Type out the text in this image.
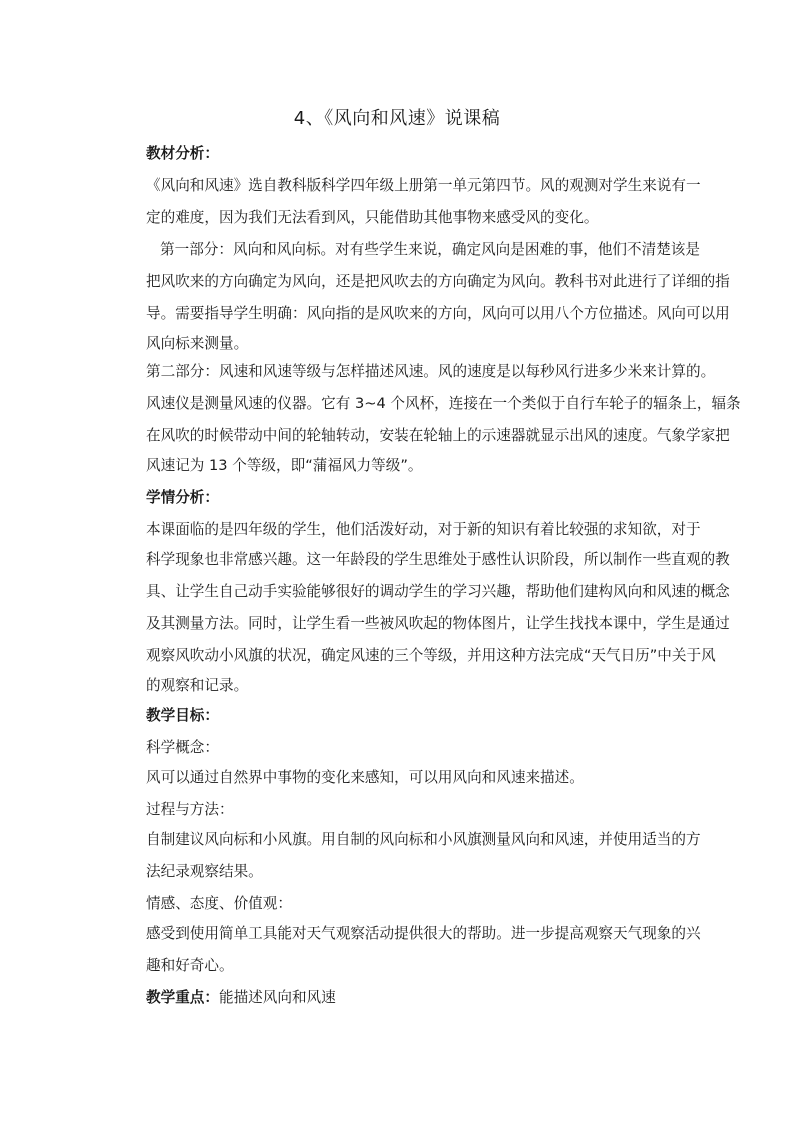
4、《风向和风速》说课稿
教材分析：
《风向和风速》选自教科版科学四年级上册第一单元第四节。风的观测对学生来说有一
定的难度，因为我们无法看到风，只能借助其他事物来感受风的变化。
第一部分：风向和风向标。对有些学生来说，确定风向是困难的事，他们不清楚该是
把风吹来的方向确定为风向，还是把风吹去的方向确定为风向。教科书对此进行了详细的指
导。需要指导学生明确：风向指的是风吹来的方向，风向可以用八个方位描述。风向可以用
风向标来测量。
第二部分：风速和风速等级与怎样描述风速。风的速度是以每秒风行进多少米来计算的。
风速仪是测量风速的仪器。它有 3~4 个风杯，连接在一个类似于自行车轮子的辐条上，辐条
在风吹的时候带动中间的轮轴转动，安装在轮轴上的示速器就显示出风的速度。气象学家把
风速记为 13 个等级，即“蒲福风力等级”。
学情分析：
本课面临的是四年级的学生，他们活泼好动，对于新的知识有着比较强的求知欲，对于
科学现象也非常感兴趣。这一年龄段的学生思维处于感性认识阶段，所以制作一些直观的教
具、让学生自己动手实验能够很好的调动学生的学习兴趣，帮助他们建构风向和风速的概念
及其测量方法。同时，让学生看一些被风吹起的物体图片，让学生找找本课中，学生是通过
观察风吹动小风旗的状况，确定风速的三个等级，并用这种方法完成“天气日历”中关于风
的观察和记录。
教学目标：
科学概念：
风可以通过自然界中事物的变化来感知，可以用风向和风速来描述。
过程与方法：
自制建议风向标和小风旗。用自制的风向标和小风旗测量风向和风速，并使用适当的方
法纪录观察结果。
情感、态度、价值观：
感受到使用简单工具能对天气观察活动提供很大的帮助。进一步提高观察天气现象的兴
趣和好奇心。
教学重点：能描述风向和风速
